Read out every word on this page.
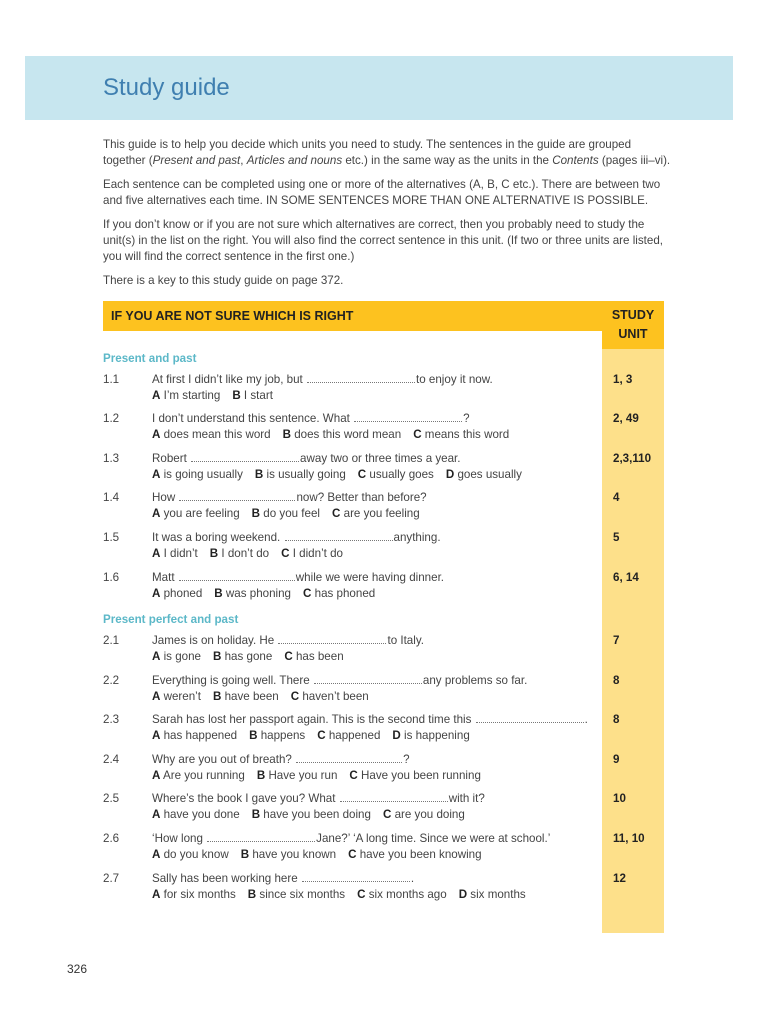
Study guide

This guide is to help you decide which units you need to study. The sentences in the guide are grouped together (Present and past, Articles and nouns etc.) in the same way as the units in the Contents (pages iii–vi).

Each sentence can be completed using one or more of the alternatives (A, B, C etc.). There are between two and five alternatives each time. IN SOME SENTENCES MORE THAN ONE ALTERNATIVE IS POSSIBLE.

If you don’t know or if you are not sure which alternatives are correct, then you probably need to study the unit(s) in the list on the right. You will also find the correct sentence in this unit. (If two or three units are listed, you will find the correct sentence in the first one.)

There is a key to this study guide on page 372.

IF YOU ARE NOT SURE WHICH IS RIGHT	STUDY
UNIT
Present and past
Present perfect and past
1.1	At first I didn’t like my job, but	to enjoy it now.
A I’m starting B I start
1, 3
1.2	I don’t understand this sentence. What	?
A does mean this word B does this word mean C means this word
2, 49
1.3	Robert	away two or three times a year.
A is going usually B is usually going C usually goes D goes usually
2,3,110
1.4	How	now? Better than before?
A you are feeling B do you feel C are you feeling
4
1.5	It was a boring weekend.	anything.
A I didn’t B I don’t do C I didn’t do
5
1.6	Matt	while we were having dinner.
A phoned B was phoning C has phoned
6, 14
2.1	James is on holiday. He	to Italy.
A is gone B has gone C has been
7
2.2	Everything is going well. There	any problems so far.
A weren’t B have been C haven’t been
8
2.3	Sarah has lost her passport again. This is the second time this	.
A has happened B happens C happened D is happening
8
2.4	Why are you out of breath?	?
A Are you running B Have you run C Have you been running
9
2.5	Where’s the book I gave you? What	with it?
A have you done B have you been doing C are you doing
10
2.6	‘How long	Jane?’ ‘A long time. Since we were at school.’
A do you know B have you known C have you been knowing
11, 10
2.7	Sally has been working here	.
A for six months B since six months C six months ago D six months
12
326
